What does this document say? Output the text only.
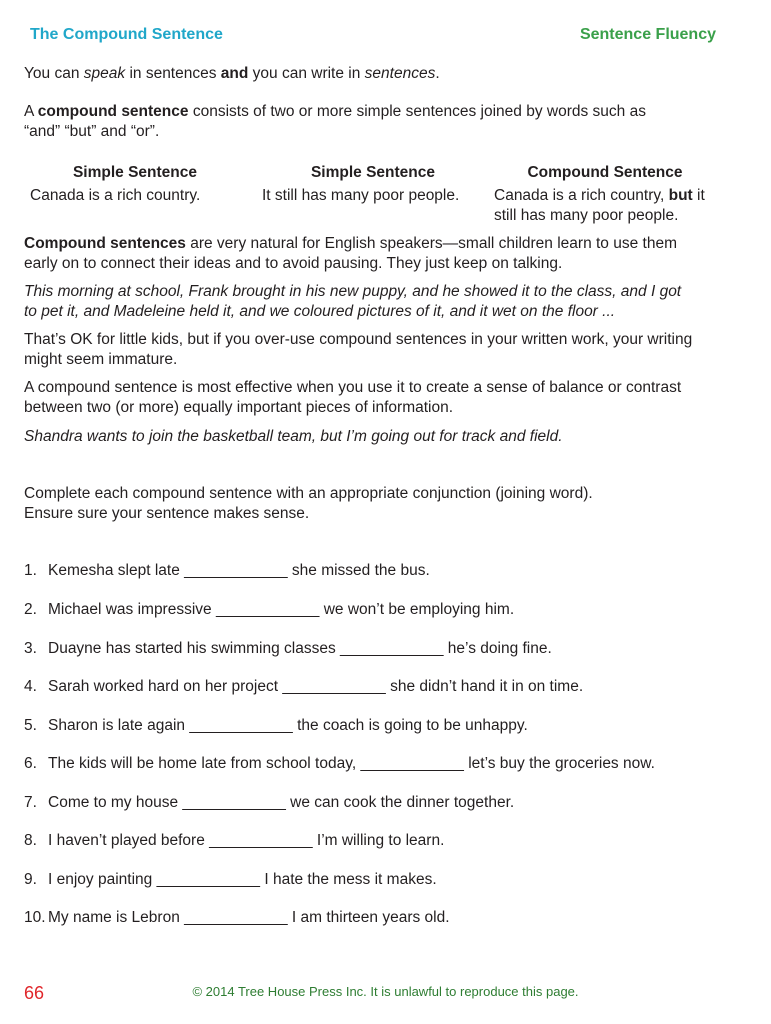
The Compound Sentence	Sentence Fluency
You can speak in sentences and you can write in sentences.
A compound sentence consists of two or more simple sentences joined by words such as
“and” “but” and “or”.
Simple Sentence
Canada is a rich country.
Simple Sentence
It still has many poor people.
Compound Sentence
Canada is a rich country, but it
still has many poor people.
Compound sentences are very natural for English speakers—small children learn to use them
early on to connect their ideas and to avoid pausing. They just keep on talking.
This morning at school, Frank brought in his new puppy, and he showed it to the class, and I got
to pet it, and Madeleine held it, and we coloured pictures of it, and it wet on the floor ...
That’s OK for little kids, but if you over-use compound sentences in your written work, your writing
might seem immature.
A compound sentence is most effective when you use it to create a sense of balance or contrast
between two (or more) equally important pieces of information.
Shandra wants to join the basketball team, but I’m going out for track and field.
Complete each compound sentence with an appropriate conjunction (joining word).
Ensure sure your sentence makes sense.
1. Kemesha slept late ____________ she missed the bus.
2. Michael was impressive ____________ we won’t be employing him.
3. Duayne has started his swimming classes ____________ he’s doing fine.
4. Sarah worked hard on her project ____________ she didn’t hand it in on time.
5. Sharon is late again ____________ the coach is going to be unhappy.
6. The kids will be home late from school today, ____________ let’s buy the groceries now.
7. Come to my house ____________ we can cook the dinner together.
8. I haven’t played before ____________ I’m willing to learn.
9. I enjoy painting ____________ I hate the mess it makes.
10. My name is Lebron ____________ I am thirteen years old.
66	© 2014 Tree House Press Inc. It is unlawful to reproduce this page.
